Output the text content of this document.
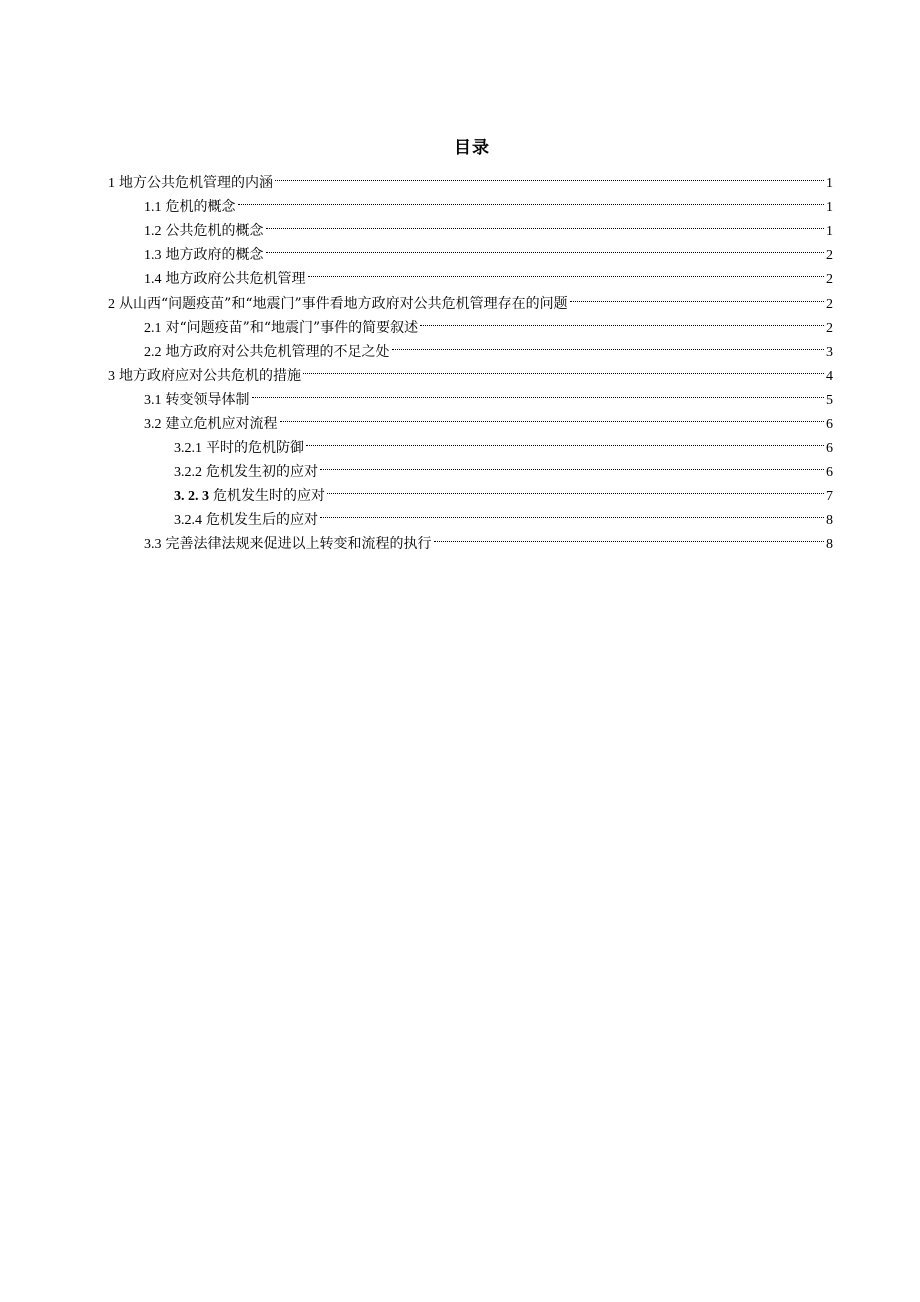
目录
1 地方公共危机管理的内涵	1
1.1 危机的概念	1
1.2 公共危机的概念	1
1.3 地方政府的概念	2
1.4 地方政府公共危机管理	2
2 从山西“问题疫苗”和“地震门”事件看地方政府对公共危机管理存在的问题	2
2.1 对“问题疫苗”和“地震门”事件的简要叙述	2
2.2 地方政府对公共危机管理的不足之处	3
3 地方政府应对公共危机的措施	4
3.1 转变领导体制	5
3.2 建立危机应对流程	6
3.2.1 平时的危机防御	6
3.2.2 危机发生初的应对	6
3. 2. 3 危机发生时的应对	7
3.2.4 危机发生后的应对	8
3.3 完善法律法规来促进以上转变和流程的执行	8
